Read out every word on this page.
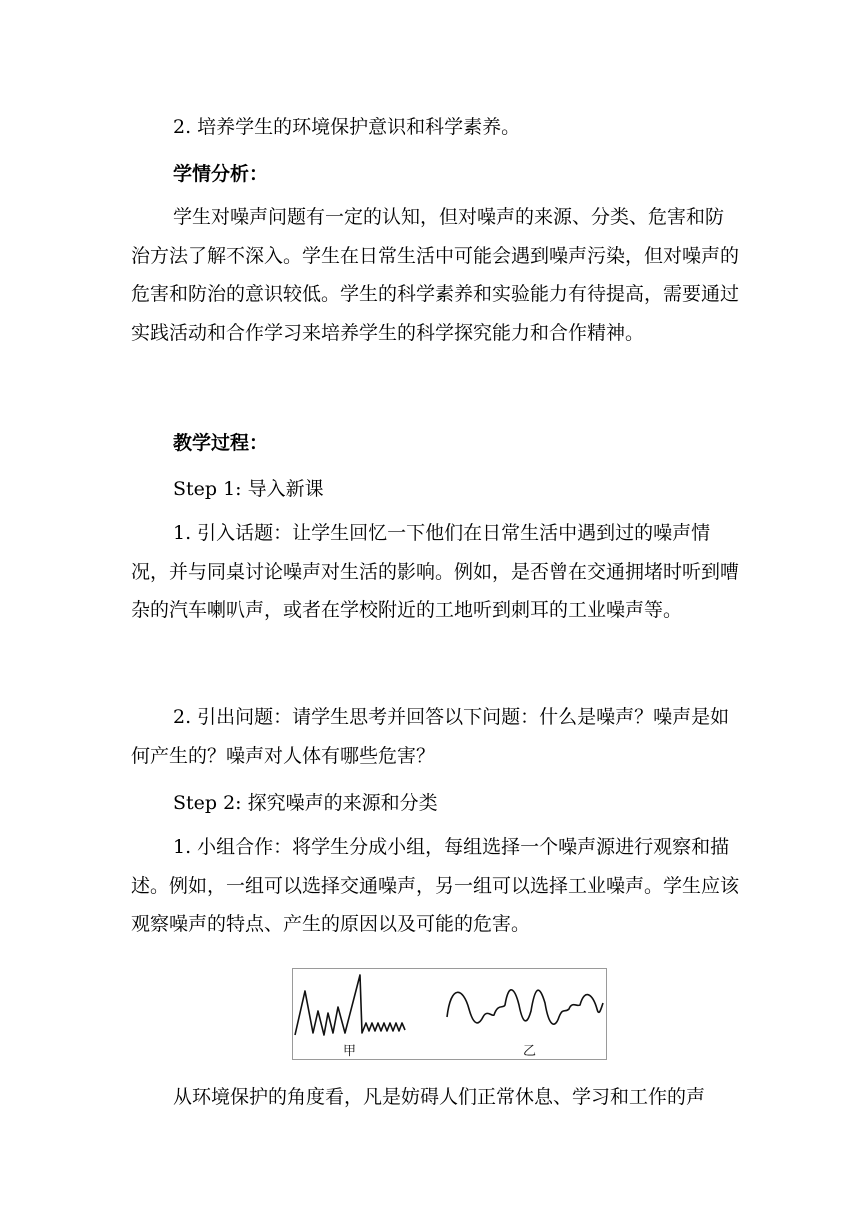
2. 培养学生的环境保护意识和科学素养。

学情分析：

学生对噪声问题有一定的认知，但对噪声的来源、分类、危害和防治方法了解不深入。学生在日常生活中可能会遇到噪声污染，但对噪声的危害和防治的意识较低。学生的科学素养和实验能力有待提高，需要通过实践活动和合作学习来培养学生的科学探究能力和合作精神。

教学过程：

Step 1: 导入新课

1. 引入话题：让学生回忆一下他们在日常生活中遇到过的噪声情况，并与同桌讨论噪声对生活的影响。例如，是否曾在交通拥堵时听到嘈杂的汽车喇叭声，或者在学校附近的工地听到刺耳的工业噪声等。

2. 引出问题：请学生思考并回答以下问题：什么是噪声？噪声是如何产生的？噪声对人体有哪些危害？

Step 2: 探究噪声的来源和分类

1. 小组合作：将学生分成小组，每组选择一个噪声源进行观察和描述。例如，一组可以选择交通噪声，另一组可以选择工业噪声。学生应该观察噪声的特点、产生的原因以及可能的危害。

甲	乙

从环境保护的角度看，凡是妨碍人们正常休息、学习和工作的声
